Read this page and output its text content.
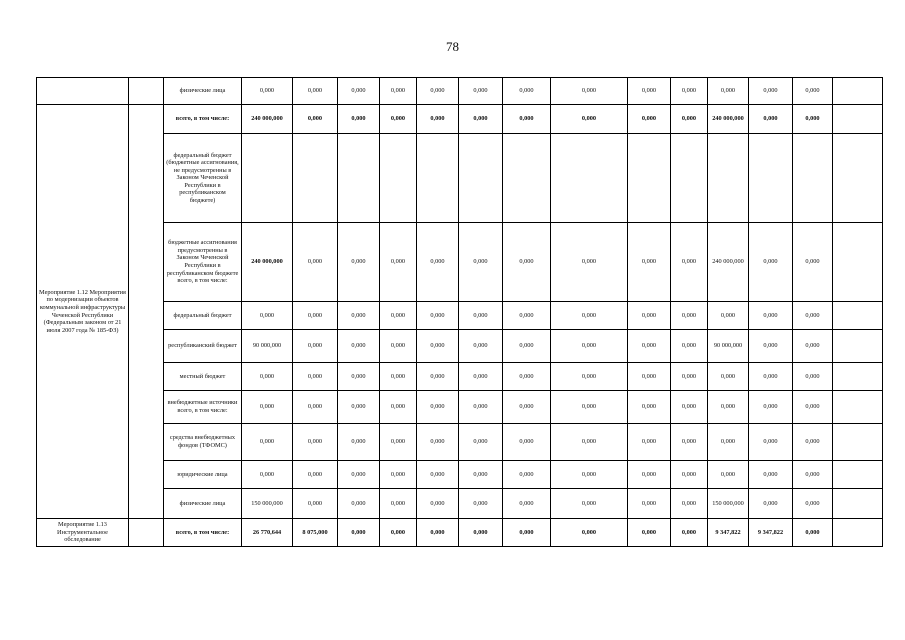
78
		физические лица	0,000	0,000	0,000	0,000	0,000	0,000	0,000	0,000	0,000	0,000	0,000	0,000	0,000	
Мероприятие 1.12 Мероприятия по модернизации объектов коммунальной инфраструктуры Чеченской Республики (Федеральным законом от 21 июля 2007 года № 185-ФЗ)		всего, в том числе:	240 000,000	0,000	0,000	0,000	0,000	0,000	0,000	0,000	0,000	0,000	240 000,000	0,000	0,000	
		федеральный бюджет (бюджетные ассигнования, не предусмотренны в Законом Чеченской Республики в республиканском бюджете)														
		бюджетные ассигнования предусмотренны в Законом Чеченской Республики в республиканском бюджете всего, в том числе:	240 000,000	0,000	0,000	0,000	0,000	0,000	0,000	0,000	0,000	0,000	240 000,000	0,000	0,000	
		федеральный бюджет	0,000	0,000	0,000	0,000	0,000	0,000	0,000	0,000	0,000	0,000	0,000	0,000	0,000	
		республиканский бюджет	90 000,000	0,000	0,000	0,000	0,000	0,000	0,000	0,000	0,000	0,000	90 000,000	0,000	0,000	
		местный бюджет	0,000	0,000	0,000	0,000	0,000	0,000	0,000	0,000	0,000	0,000	0,000	0,000	0,000	
		внебюджетные источники всего, в том числе:	0,000	0,000	0,000	0,000	0,000	0,000	0,000	0,000	0,000	0,000	0,000	0,000	0,000	
		средства внебюджетных фондов (ТФОМС)	0,000	0,000	0,000	0,000	0,000	0,000	0,000	0,000	0,000	0,000	0,000	0,000	0,000	
		юридические лица	0,000	0,000	0,000	0,000	0,000	0,000	0,000	0,000	0,000	0,000	0,000	0,000	0,000	
		физические лица	150 000,000	0,000	0,000	0,000	0,000	0,000	0,000	0,000	0,000	0,000	150 000,000	0,000	0,000	
Мероприятие 1.13 Инструментальное обследование		всего, в том числе:	26 770,644	8 075,000	0,000	0,000	0,000	0,000	0,000	0,000	0,000	0,000	9 347,822	9 347,822	0,000	
